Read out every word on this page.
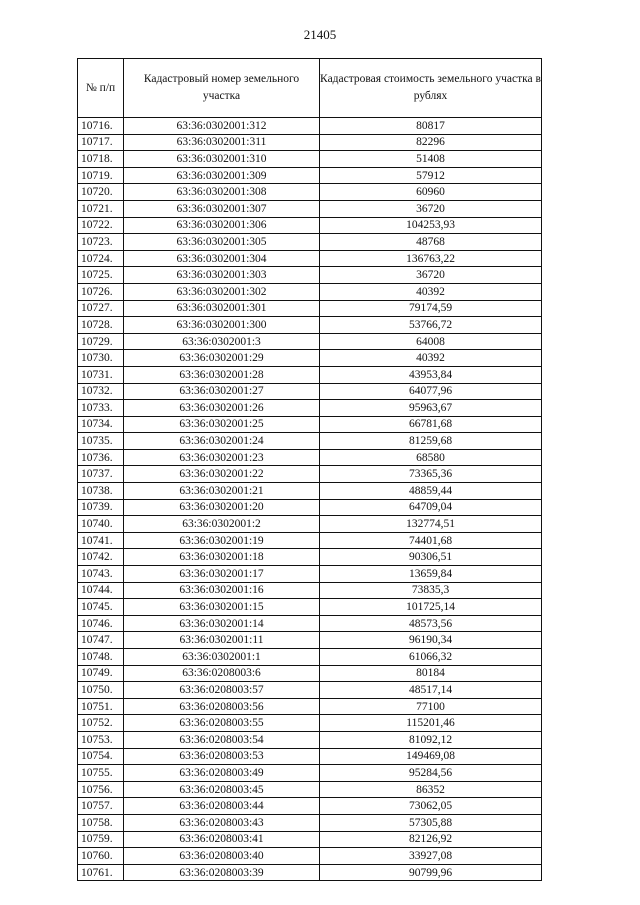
21405
№ п/п	Кадастровый номер земельного участка	Кадастровая стоимость земельного участка в рублях
10716.	63:36:0302001:312	80817
10717.	63:36:0302001:311	82296
10718.	63:36:0302001:310	51408
10719.	63:36:0302001:309	57912
10720.	63:36:0302001:308	60960
10721.	63:36:0302001:307	36720
10722.	63:36:0302001:306	104253,93
10723.	63:36:0302001:305	48768
10724.	63:36:0302001:304	136763,22
10725.	63:36:0302001:303	36720
10726.	63:36:0302001:302	40392
10727.	63:36:0302001:301	79174,59
10728.	63:36:0302001:300	53766,72
10729.	63:36:0302001:3	64008
10730.	63:36:0302001:29	40392
10731.	63:36:0302001:28	43953,84
10732.	63:36:0302001:27	64077,96
10733.	63:36:0302001:26	95963,67
10734.	63:36:0302001:25	66781,68
10735.	63:36:0302001:24	81259,68
10736.	63:36:0302001:23	68580
10737.	63:36:0302001:22	73365,36
10738.	63:36:0302001:21	48859,44
10739.	63:36:0302001:20	64709,04
10740.	63:36:0302001:2	132774,51
10741.	63:36:0302001:19	74401,68
10742.	63:36:0302001:18	90306,51
10743.	63:36:0302001:17	13659,84
10744.	63:36:0302001:16	73835,3
10745.	63:36:0302001:15	101725,14
10746.	63:36:0302001:14	48573,56
10747.	63:36:0302001:11	96190,34
10748.	63:36:0302001:1	61066,32
10749.	63:36:0208003:6	80184
10750.	63:36:0208003:57	48517,14
10751.	63:36:0208003:56	77100
10752.	63:36:0208003:55	115201,46
10753.	63:36:0208003:54	81092,12
10754.	63:36:0208003:53	149469,08
10755.	63:36:0208003:49	95284,56
10756.	63:36:0208003:45	86352
10757.	63:36:0208003:44	73062,05
10758.	63:36:0208003:43	57305,88
10759.	63:36:0208003:41	82126,92
10760.	63:36:0208003:40	33927,08
10761.	63:36:0208003:39	90799,96
